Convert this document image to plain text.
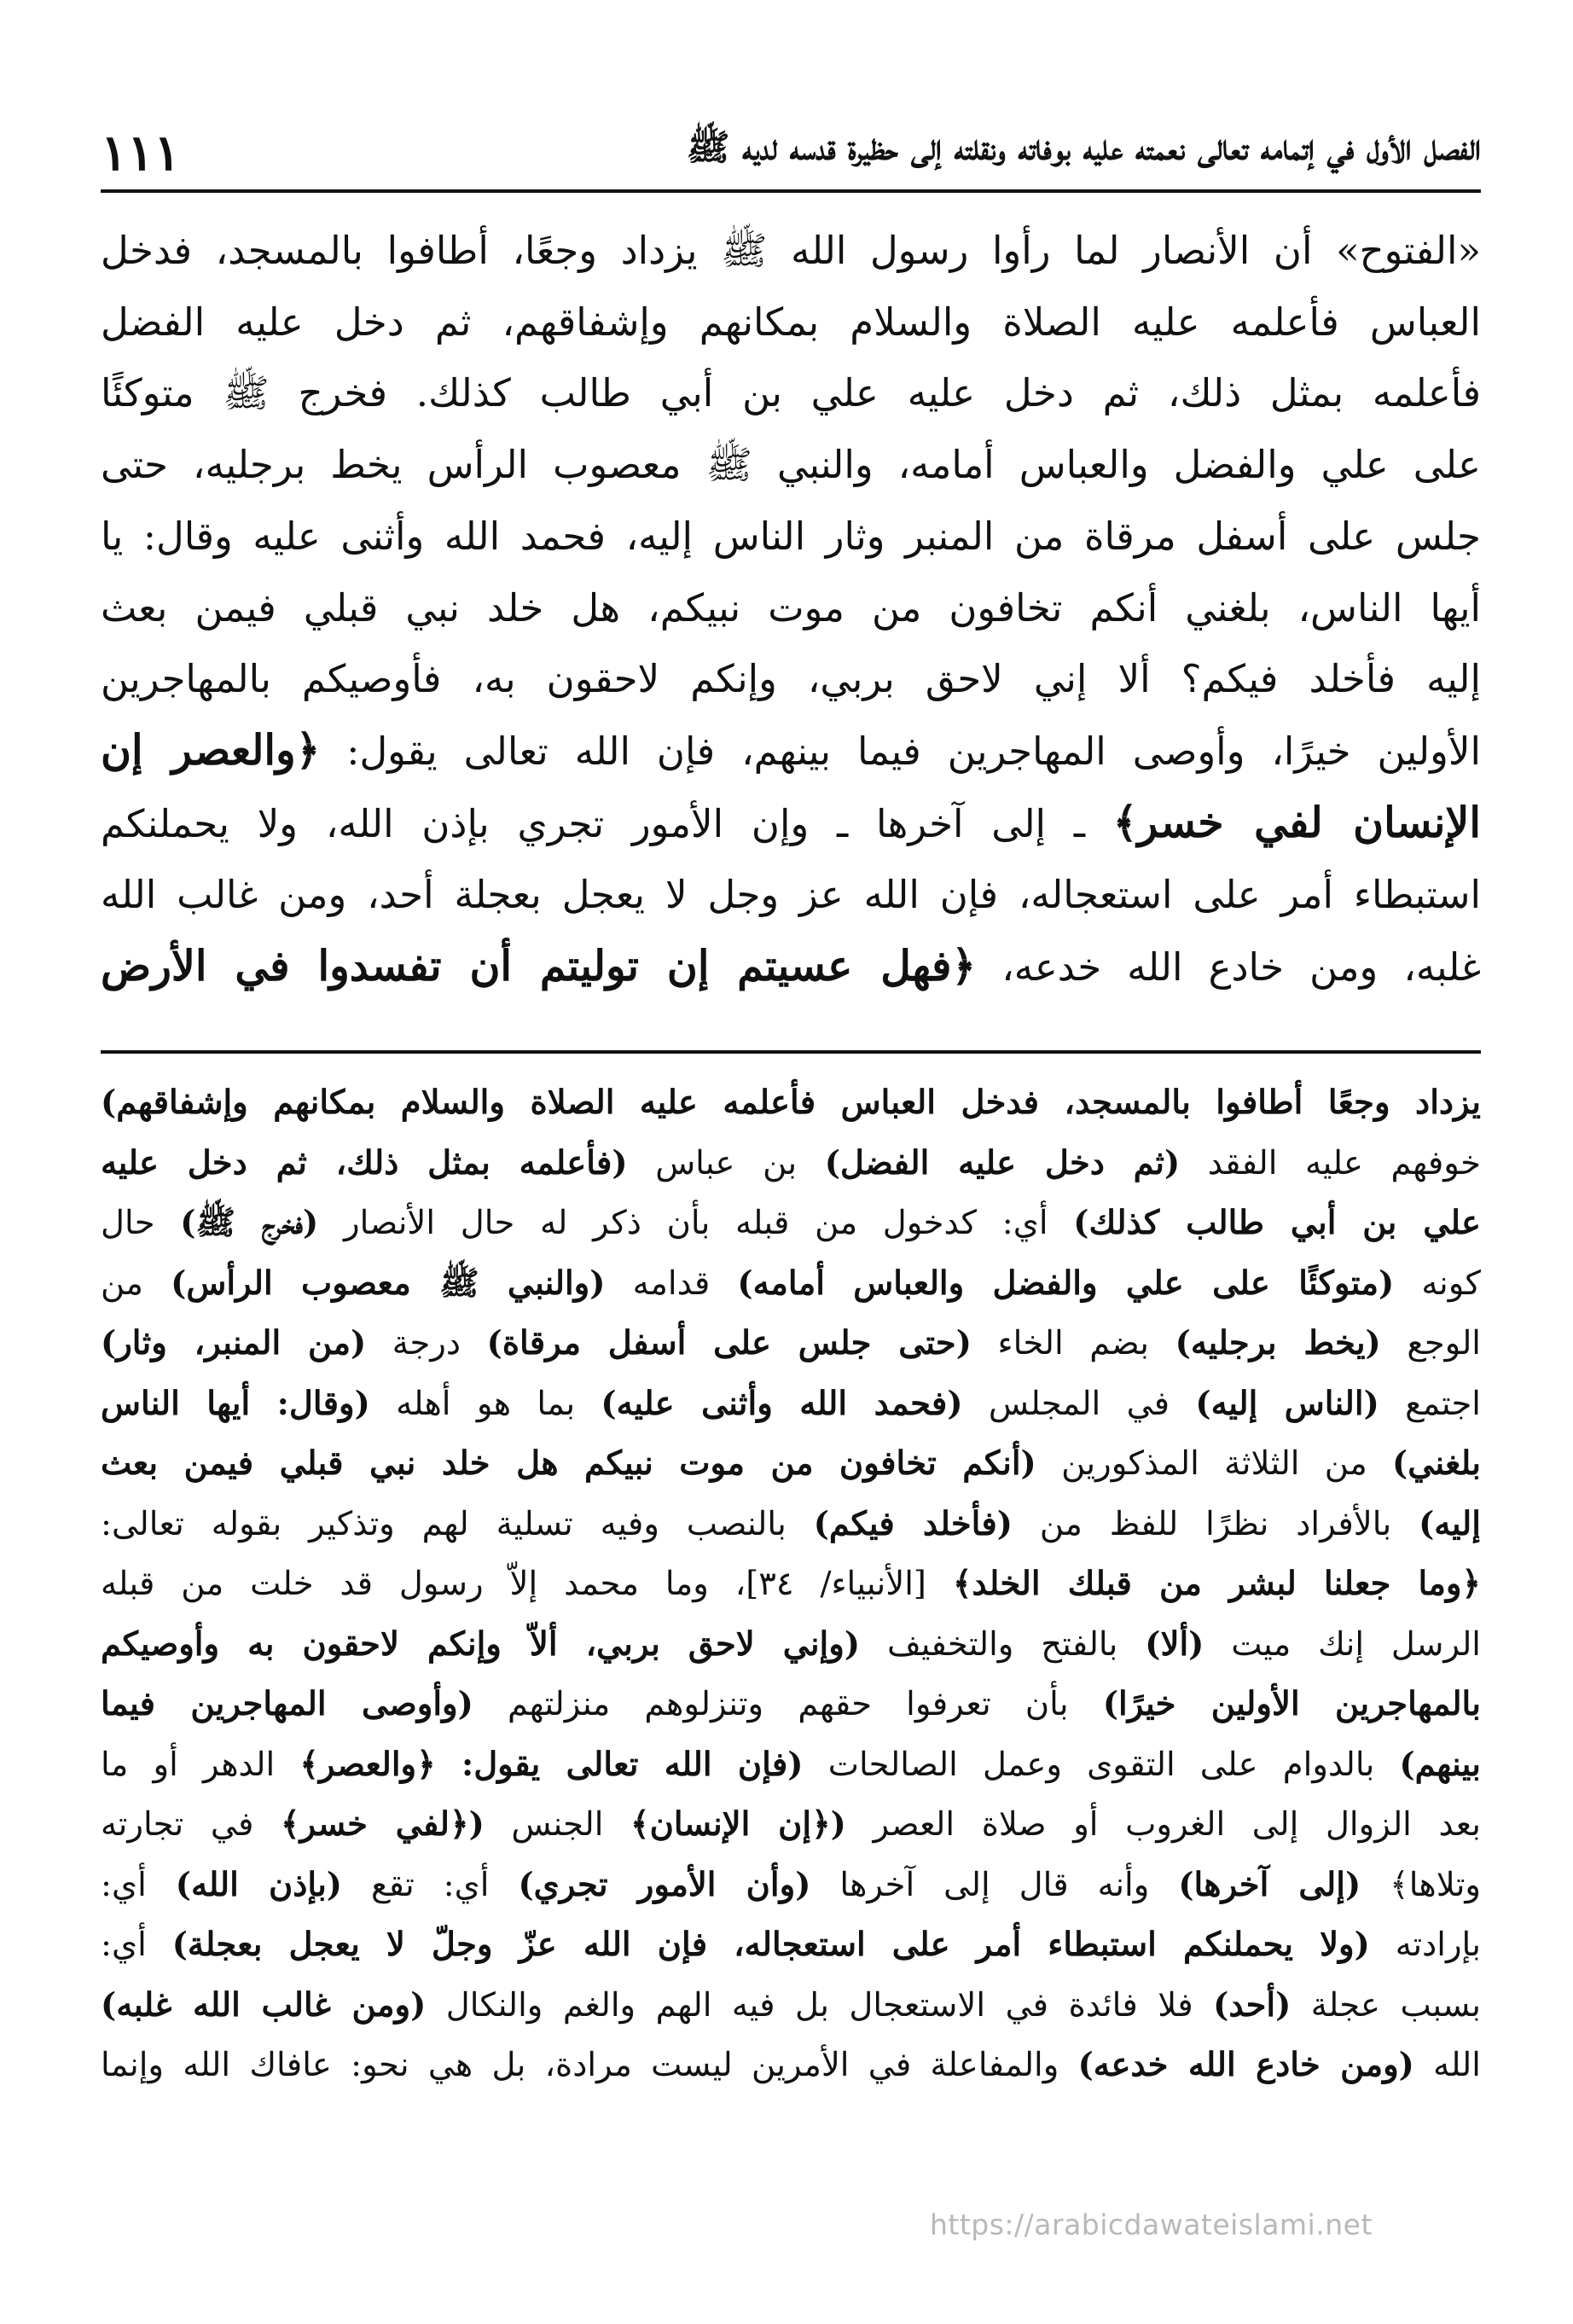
الفصل الأول في إتمامه تعالى نعمته عليه بوفاته ونقلته إلى حظيرة قدسه لديه ﷺ
١١١
«الفتوح» أن الأنصار لما رأوا رسول الله ﷺ يزداد وجعًا، أطافوا بالمسجد، فدخل
العباس فأعلمه عليه الصلاة والسلام بمكانهم وإشفاقهم، ثم دخل عليه الفضل
فأعلمه بمثل ذلك، ثم دخل عليه علي بن أبي طالب كذلك. فخرج ﷺ متوكئًا
على علي والفضل والعباس أمامه، والنبي ﷺ معصوب الرأس يخط برجليه، حتى
جلس على أسفل مرقاة من المنبر وثار الناس إليه، فحمد الله وأثنى عليه وقال: يا
أيها الناس، بلغني أنكم تخافون من موت نبيكم، هل خلد نبي قبلي فيمن بعث
إليه فأخلد فيكم؟ ألا إني لاحق بربي، وإنكم لاحقون به، فأوصيكم بالمهاجرين
الأولين خيرًا، وأوصى المهاجرين فيما بينهم، فإن الله تعالى يقول: ﴿والعصر إن
الإنسان لفي خسر﴾ ـ إلى آخرها ـ وإن الأمور تجري بإذن الله، ولا يحملنكم
استبطاء أمر على استعجاله، فإن الله عز وجل لا يعجل بعجلة أحد، ومن غالب الله
غلبه، ومن خادع الله خدعه، ﴿فهل عسيتم إن توليتم أن تفسدوا في الأرض
يزداد وجعًا أطافوا بالمسجد، فدخل العباس فأعلمه عليه الصلاة والسلام بمكانهم وإشفاقهم)
خوفهم عليه الفقد (ثم دخل عليه الفضل) بن عباس (فأعلمه بمثل ذلك، ثم دخل عليه
علي بن أبي طالب كذلك) أي: كدخول من قبله بأن ذكر له حال الأنصار (فخرج ﷺ) حال
كونه (متوكئًا على علي والفضل والعباس أمامه) قدامه (والنبي ﷺ معصوب الرأس) من
الوجع (يخط برجليه) بضم الخاء (حتى جلس على أسفل مرقاة) درجة (من المنبر، وثار)
اجتمع (الناس إليه) في المجلس (فحمد الله وأثنى عليه) بما هو أهله (وقال: أيها الناس
بلغني) من الثلاثة المذكورين (أنكم تخافون من موت نبيكم هل خلد نبي قبلي فيمن بعث
إليه) بالأفراد نظرًا للفظ من (فأخلد فيكم) بالنصب وفيه تسلية لهم وتذكير بقوله تعالى:
﴿وما جعلنا لبشر من قبلك الخلد﴾ [الأنبياء/ ٣٤]، وما محمد إلاّ رسول قد خلت من قبله
الرسل إنك ميت (ألا) بالفتح والتخفيف (وإني لاحق بربي، ألاّ وإنكم لاحقون به وأوصيكم
بالمهاجرين الأولين خيرًا) بأن تعرفوا حقهم وتنزلوهم منزلتهم (وأوصى المهاجرين فيما
بينهم) بالدوام على التقوى وعمل الصالحات (فإن الله تعالى يقول: ﴿والعصر﴾ الدهر أو ما
بعد الزوال إلى الغروب أو صلاة العصر (﴿إن الإنسان﴾ الجنس (﴿لفي خسر﴾ في تجارته
وتلاها﴾ (إلى آخرها) وأنه قال إلى آخرها (وأن الأمور تجري) أي: تقع (بإذن الله) أي:
بإرادته (ولا يحملنكم استبطاء أمر على استعجاله، فإن الله عزّ وجلّ لا يعجل بعجلة) أي:
بسبب عجلة (أحد) فلا فائدة في الاستعجال بل فيه الهم والغم والنكال (ومن غالب الله غلبه)
الله (ومن خادع الله خدعه) والمفاعلة في الأمرين ليست مرادة، بل هي نحو: عافاك الله وإنما
https://arabicdawateislami.net
